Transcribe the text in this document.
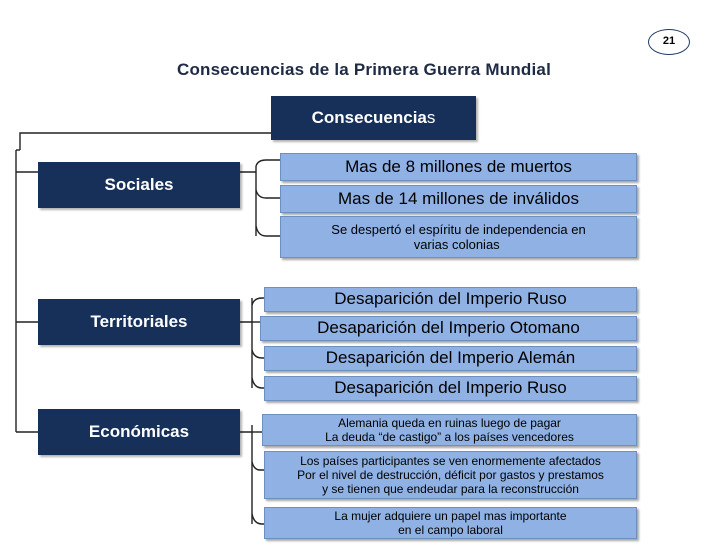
21
Consecuencias de la Primera Guerra Mundial
Consecuencia s
Sociales
Mas de 8 millones de muertos
Mas de 14 millones de inválidos
Se despertó el espíritu de independencia en varias colonias.
Territoriales
Desaparición del Imperio Ruso
Desaparición del Imperio Otomano
Desaparición del Imperio Alemán
Desaparición del Imperio Ruso
Económicas	Alemania queda en ruinas luego de pagar
La deuda “de castigo” a los países vencedores
Los países participantes se ven enormemente afectados
Por el nivel de destrucción, déficit por gastos y prestamos
y se tienen que endeudar para la reconstrucción
La mujer adquiere un papel mas importante
en el campo laboral
